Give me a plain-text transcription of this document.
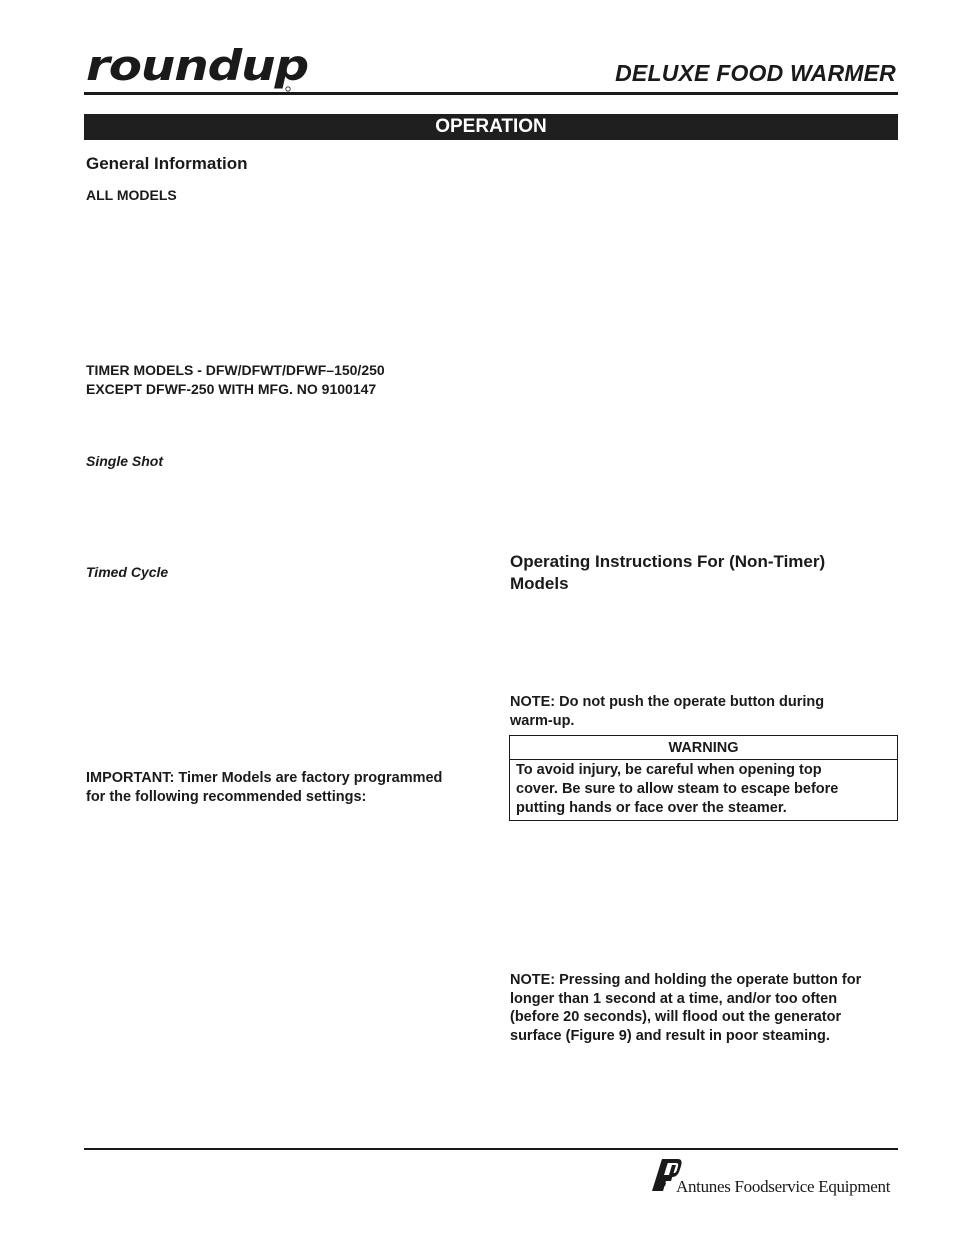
roundup	DELUXE FOOD WARMER
OPERATION
General Information
ALL MODELS
TIMER MODELS - DFW/DFWT/DFWF–150/250
EXCEPT DFWF-250 WITH MFG. NO 9100147
Single Shot
Timed Cycle
IMPORTANT: Timer Models are factory programmed
for the following recommended settings:
Operating Instructions For (Non-Timer)
Models
NOTE: Do not push the operate button during
warm-up.
WARNING
To avoid injury, be careful when opening top
cover. Be sure to allow steam to escape before
putting hands or face over the steamer.
NOTE: Pressing and holding the operate button for
longer than 1 second at a time, and/or too often
(before 20 seconds), will flood out the generator
surface (Figure 9) and result in poor steaming.
Antunes Foodservice Equipment
